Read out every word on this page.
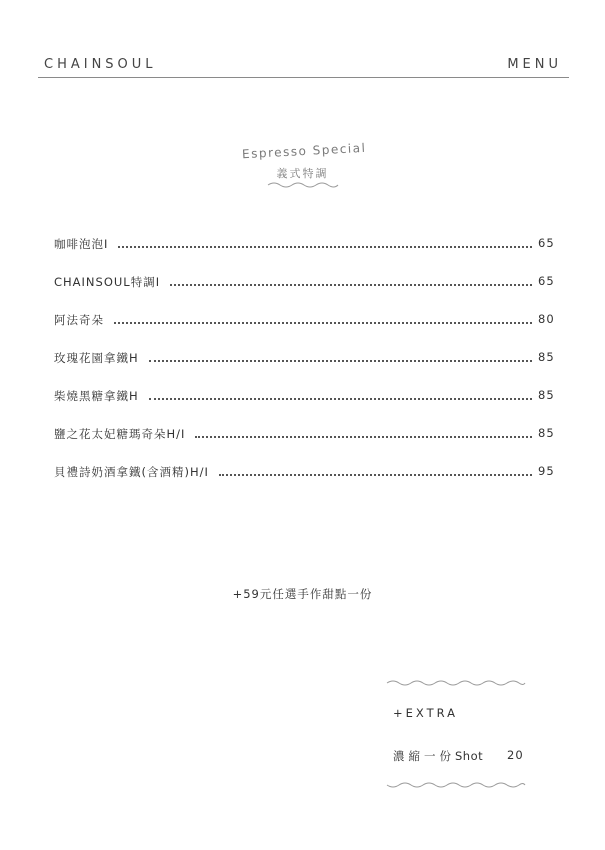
CHAINSOUL	MENU
Espresso Special
義式特調
咖啡泡泡I	65
CHAINSOUL特調I	65
阿法奇朵	80
玫瑰花園拿鐵H	85
柴燒黑糖拿鐵H	85
鹽之花太妃糖瑪奇朵H/I	85
貝禮詩奶酒拿鐵(含酒精)H/I	95
+59元任選手作甜點一份
+EXTRA
濃縮一份Shot 20
